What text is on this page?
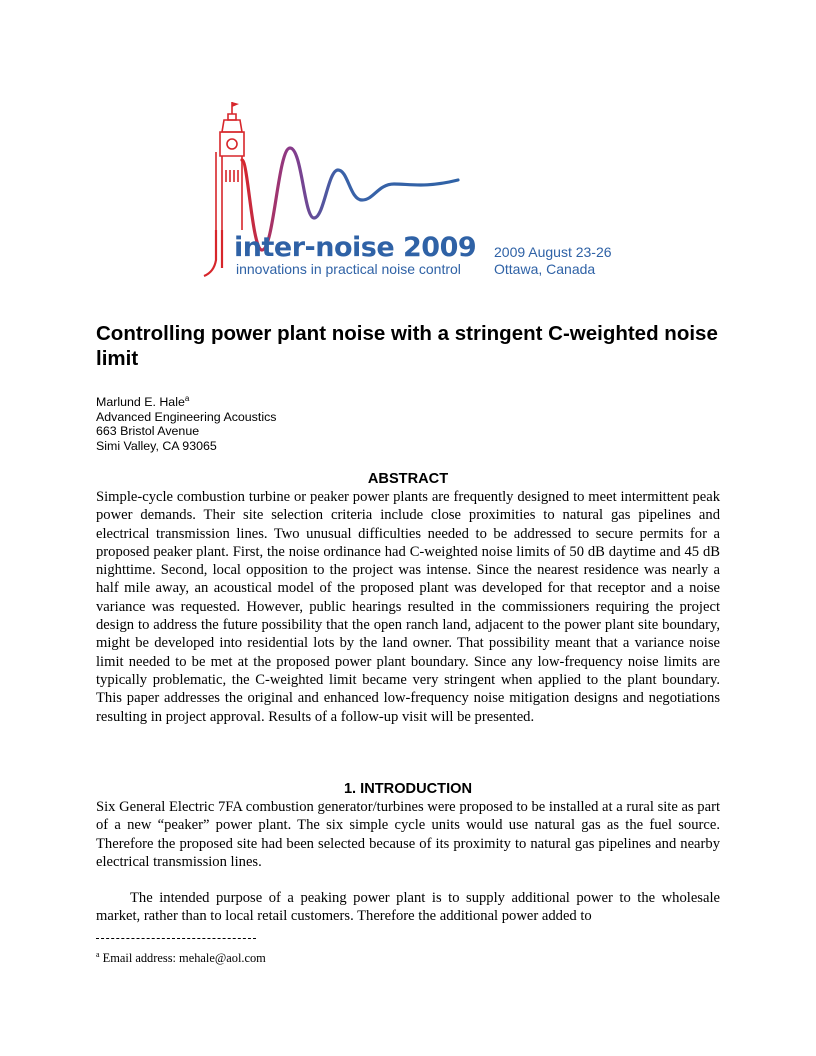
inter-noise 2009
innovations in practical noise control
2009 August 23-26
Ottawa, Canada
Controlling power plant noise with a stringent C-weighted noise limit
Marlund E. Hale$^a$
Advanced Engineering Acoustics
663 Bristol Avenue
Simi Valley, CA 93065
ABSTRACT

Simple-cycle combustion turbine or peaker power plants are frequently designed to meet intermittent peak power demands. Their site selection criteria include close proximities to natural gas pipelines and electrical transmission lines. Two unusual difficulties needed to be addressed to secure permits for a proposed peaker plant. First, the noise ordinance had C-weighted noise limits of 50 dB daytime and 45 dB nighttime. Second, local opposition to the project was intense. Since the nearest residence was nearly a half mile away, an acoustical model of the proposed plant was developed for that receptor and a noise variance was requested. However, public hearings resulted in the commissioners requiring the project design to address the future possibility that the open ranch land, adjacent to the power plant site boundary, might be developed into residential lots by the land owner. That possibility meant that a variance noise limit needed to be met at the proposed power plant boundary. Since any low-frequency noise limits are typically problematic, the C-weighted limit became very stringent when applied to the plant boundary. This paper addresses the original and enhanced low-frequency noise mitigation designs and negotiations resulting in project approval. Results of a follow-up visit will be presented.

1. INTRODUCTION

Six General Electric 7FA combustion generator/turbines were proposed to be installed at a rural site as part of a new “peaker” power plant. The six simple cycle units would use natural gas as the fuel source. Therefore the proposed site had been selected because of its proximity to natural gas pipelines and nearby electrical transmission lines.

The intended purpose of a peaking power plant is to supply additional power to the wholesale market, rather than to local retail customers. Therefore the additional power added to

$^a$ Email address: mehale@aol.com
